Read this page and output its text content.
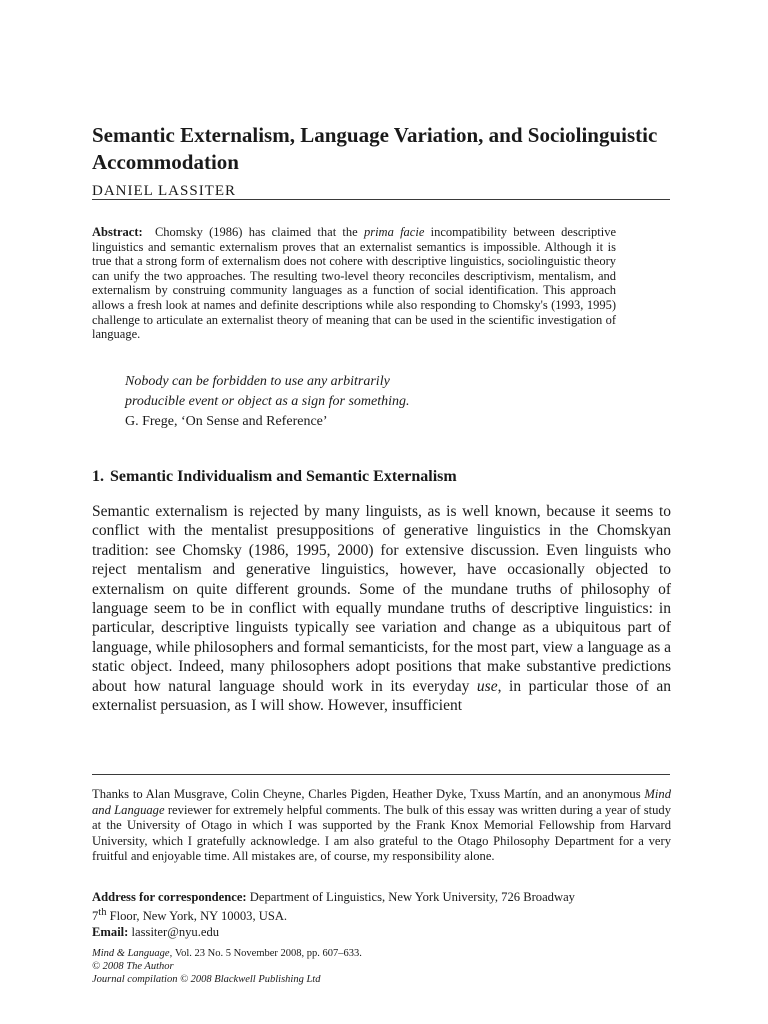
Semantic Externalism, Language Variation, and Sociolinguistic Accommodation
DANIEL LASSITER

Abstract: Chomsky (1986) has claimed that the prima facie incompatibility between descriptive linguistics and semantic externalism proves that an externalist semantics is impossible. Although it is true that a strong form of externalism does not cohere with descriptive linguistics, sociolinguistic theory can unify the two approaches. The resulting two-level theory reconciles descriptivism, mentalism, and externalism by construing community languages as a function of social identification. This approach allows a fresh look at names and definite descriptions while also responding to Chomsky's (1993, 1995) challenge to articulate an externalist theory of meaning that can be used in the scientific investigation of language.

Nobody can be forbidden to use any arbitrarily
producible event or object as a sign for something.
G. Frege, ‘On Sense and Reference’
1. Semantic Individualism and Semantic Externalism

Semantic externalism is rejected by many linguists, as is well known, because it seems to conflict with the mentalist presuppositions of generative linguistics in the Chomskyan tradition: see Chomsky (1986, 1995, 2000) for extensive discussion. Even linguists who reject mentalism and generative linguistics, however, have occasionally objected to externalism on quite different grounds. Some of the mundane truths of philosophy of language seem to be in conflict with equally mundane truths of descriptive linguistics: in particular, descriptive linguists typically see variation and change as a ubiquitous part of language, while philosophers and formal semanticists, for the most part, view a language as a static object. Indeed, many philosophers adopt positions that make substantive predictions about how natural language should work in its everyday use, in particular those of an externalist persuasion, as I will show. However, insufficient

Thanks to Alan Musgrave, Colin Cheyne, Charles Pigden, Heather Dyke, Txuss Martín, and an anonymous Mind and Language reviewer for extremely helpful comments. The bulk of this essay was written during a year of study at the University of Otago in which I was supported by the Frank Knox Memorial Fellowship from Harvard University, which I gratefully acknowledge. I am also grateful to the Otago Philosophy Department for a very fruitful and enjoyable time. All mistakes are, of course, my responsibility alone.

Address for correspondence: Department of Linguistics, New York University, 726 Broadway
7th Floor, New York, NY 10003, USA.
Email: lassiter@nyu.edu
Mind & Language, Vol. 23 No. 5 November 2008, pp. 607–633.
© 2008 The Author
Journal compilation © 2008 Blackwell Publishing Ltd
